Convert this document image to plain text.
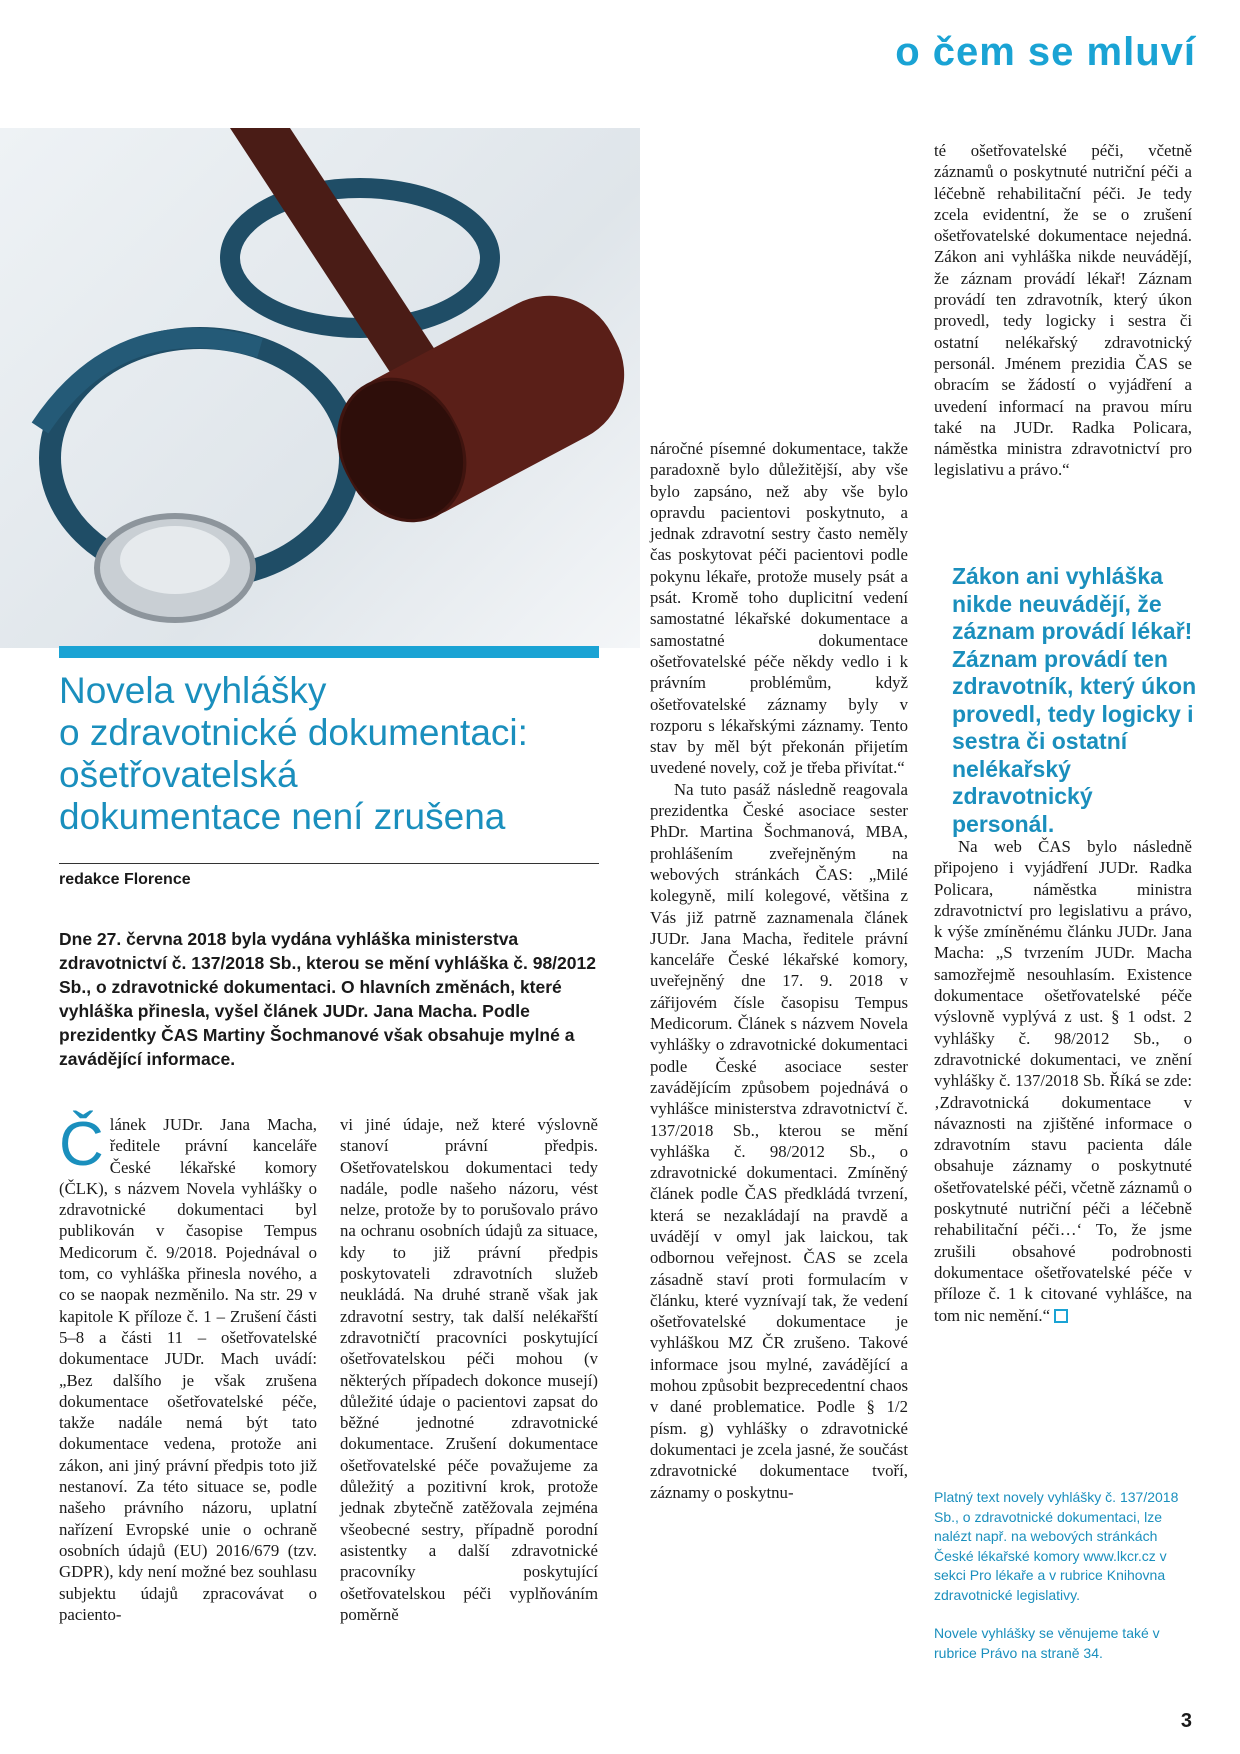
o čem se mluví
Novela vyhlášky
o zdravotnické dokumentaci:
ošetřovatelská
dokumentace není zrušena
redakce Florence
Dne 27. června 2018 byla vydána vyhláška ministerstva zdravotnictví č. 137/2018 Sb., kterou se mění vyhláška č. 98/2012 Sb., o zdravotnické dokumentaci. O hlavních změnách, které vyhláška přinesla, vyšel článek JUDr. Jana Macha. Podle prezidentky ČAS Martiny Šochmanové však obsahuje mylné a zavádějící informace.

Článek JUDr. Jana Macha, ředitele právní kanceláře České lékařské komory (ČLK), s názvem Novela vyhlášky o zdravotnické dokumentaci byl publikován v časopise Tempus Medicorum č. 9/2018. Pojednával o tom, co vyhláška přinesla nového, a co se naopak nezměnilo. Na str. 29 v kapitole K příloze č. 1 – Zrušení části 5–8 a části 11 – ošetřovatelské dokumentace JUDr. Mach uvádí: „Bez dalšího je však zrušena dokumentace ošetřovatelské péče, takže nadále nemá být tato dokumentace vedena, protože ani zákon, ani jiný právní předpis toto již nestanoví. Za této situace se, podle našeho právního názoru, uplatní nařízení Evropské unie o ochraně osobních údajů (EU) 2016/679 (tzv. GDPR), kdy není možné bez souhlasu subjektu údajů zpracovávat o paciento-

vi jiné údaje, než které výslovně stanoví právní předpis. Ošetřovatelskou dokumentaci tedy nadále, podle našeho názoru, vést nelze, protože by to porušovalo právo na ochranu osobních údajů za situace, kdy to již právní předpis poskytovateli zdravotních služeb neukládá. Na druhé straně však jak zdravotní sestry, tak další nelékařští zdravotničtí pracovníci poskytující ošetřovatelskou péči mohou (v některých případech dokonce musejí) důležité údaje o pacientovi zapsat do běžné jednotné zdravotnické dokumentace. Zrušení dokumentace ošetřovatelské péče považujeme za důležitý a pozitivní krok, protože jednak zbytečně zatěžovala zejména všeobecné sestry, případně porodní asistentky a další zdravotnické pracovníky poskytující ošetřovatelskou péči vyplňováním poměrně

náročné písemné dokumentace, takže paradoxně bylo důležitější, aby vše bylo zapsáno, než aby vše bylo opravdu pacientovi poskytnuto, a jednak zdravotní sestry často neměly čas poskytovat péči pacientovi podle pokynu lékaře, protože musely psát a psát. Kromě toho duplicitní vedení samostatné lékařské dokumentace a samostatné dokumentace ošetřovatelské péče někdy vedlo i k právním problémům, když ošetřovatelské záznamy byly v rozporu s lékařskými záznamy. Tento stav by měl být překonán přijetím uvedené novely, což je třeba přivítat.“

Na tuto pasáž následně reagovala prezidentka České asociace sester PhDr. Martina Šochmanová, MBA, prohlášením zveřejněným na webových stránkách ČAS: „Milé kolegyně, milí kolegové, většina z Vás již patrně zaznamenala článek JUDr. Jana Macha, ředitele právní kanceláře České lékařské komory, uveřejněný dne 17. 9. 2018 v zářijovém čísle časopisu Tempus Medicorum. Článek s názvem Novela vyhlášky o zdravotnické dokumentaci podle České asociace sester zavádějícím způsobem pojednává o vyhlášce ministerstva zdravotnictví č. 137/2018 Sb., kterou se mění vyhláška č. 98/2012 Sb., o zdravotnické dokumentaci. Zmíněný článek podle ČAS předkládá tvrzení, která se nezakládají na pravdě a uvádějí v omyl jak laickou, tak odbornou veřejnost. ČAS se zcela zásadně staví proti formulacím v článku, které vyznívají tak, že vedení ošetřovatelské dokumentace je vyhláškou MZ ČR zrušeno. Takové informace jsou mylné, zavádějící a mohou způsobit bezprecedentní chaos v dané problematice. Podle § 1/2 písm. g) vyhlášky o zdravotnické dokumentaci je zcela jasné, že součást zdravotnické dokumentace tvoří, záznamy o poskytnu-

té ošetřovatelské péči, včetně záznamů o poskytnuté nutriční péči a léčebně rehabilitační péči. Je tedy zcela evidentní, že se o zrušení ošetřovatelské dokumentace nejedná. Zákon ani vyhláška nikde neuvádějí, že záznam provádí lékař! Záznam provádí ten zdravotník, který úkon provedl, tedy logicky i sestra či ostatní nelékařský zdravotnický personál. Jménem prezidia ČAS se obracím se žádostí o vyjádření a uvedení informací na pravou míru také na JUDr. Radka Policara, náměstka ministra zdravotnictví pro legislativu a právo.“

Zákon ani vyhláška nikde neuvádějí, že záznam provádí lékař! Záznam provádí ten zdravotník, který úkon provedl, tedy logicky i sestra či ostatní nelékařský zdravotnický personál.

Na web ČAS bylo následně připojeno i vyjádření JUDr. Radka Policara, náměstka ministra zdravotnictví pro legislativu a právo, k výše zmíněnému článku JUDr. Jana Macha: „S tvrzením JUDr. Macha samozřejmě nesouhlasím. Existence dokumentace ošetřovatelské péče výslovně vyplývá z ust. § 1 odst. 2 vyhlášky č. 98/2012 Sb., o zdravotnické dokumentaci, ve znění vyhlášky č. 137/2018 Sb. Říká se zde: ‚Zdravotnická dokumentace v návaznosti na zjištěné informace o zdravotním stavu pacienta dále obsahuje záznamy o poskytnuté ošetřovatelské péči, včetně záznamů o poskytnuté nutriční péči a léčebně rehabilitační péči…‘ To, že jsme zrušili obsahové podrobnosti dokumentace ošetřovatelské péče v příloze č. 1 k citované vyhlášce, na tom nic nemění.“

Platný text novely vyhlášky č. 137/2018 Sb., o zdravotnické dokumentaci, lze nalézt např. na webových stránkách České lékařské komory www.lkcr.cz v sekci Pro lékaře a v rubrice Knihovna zdravotnické legislativy.

Novele vyhlášky se věnujeme také v rubrice Právo na straně 34.

3
